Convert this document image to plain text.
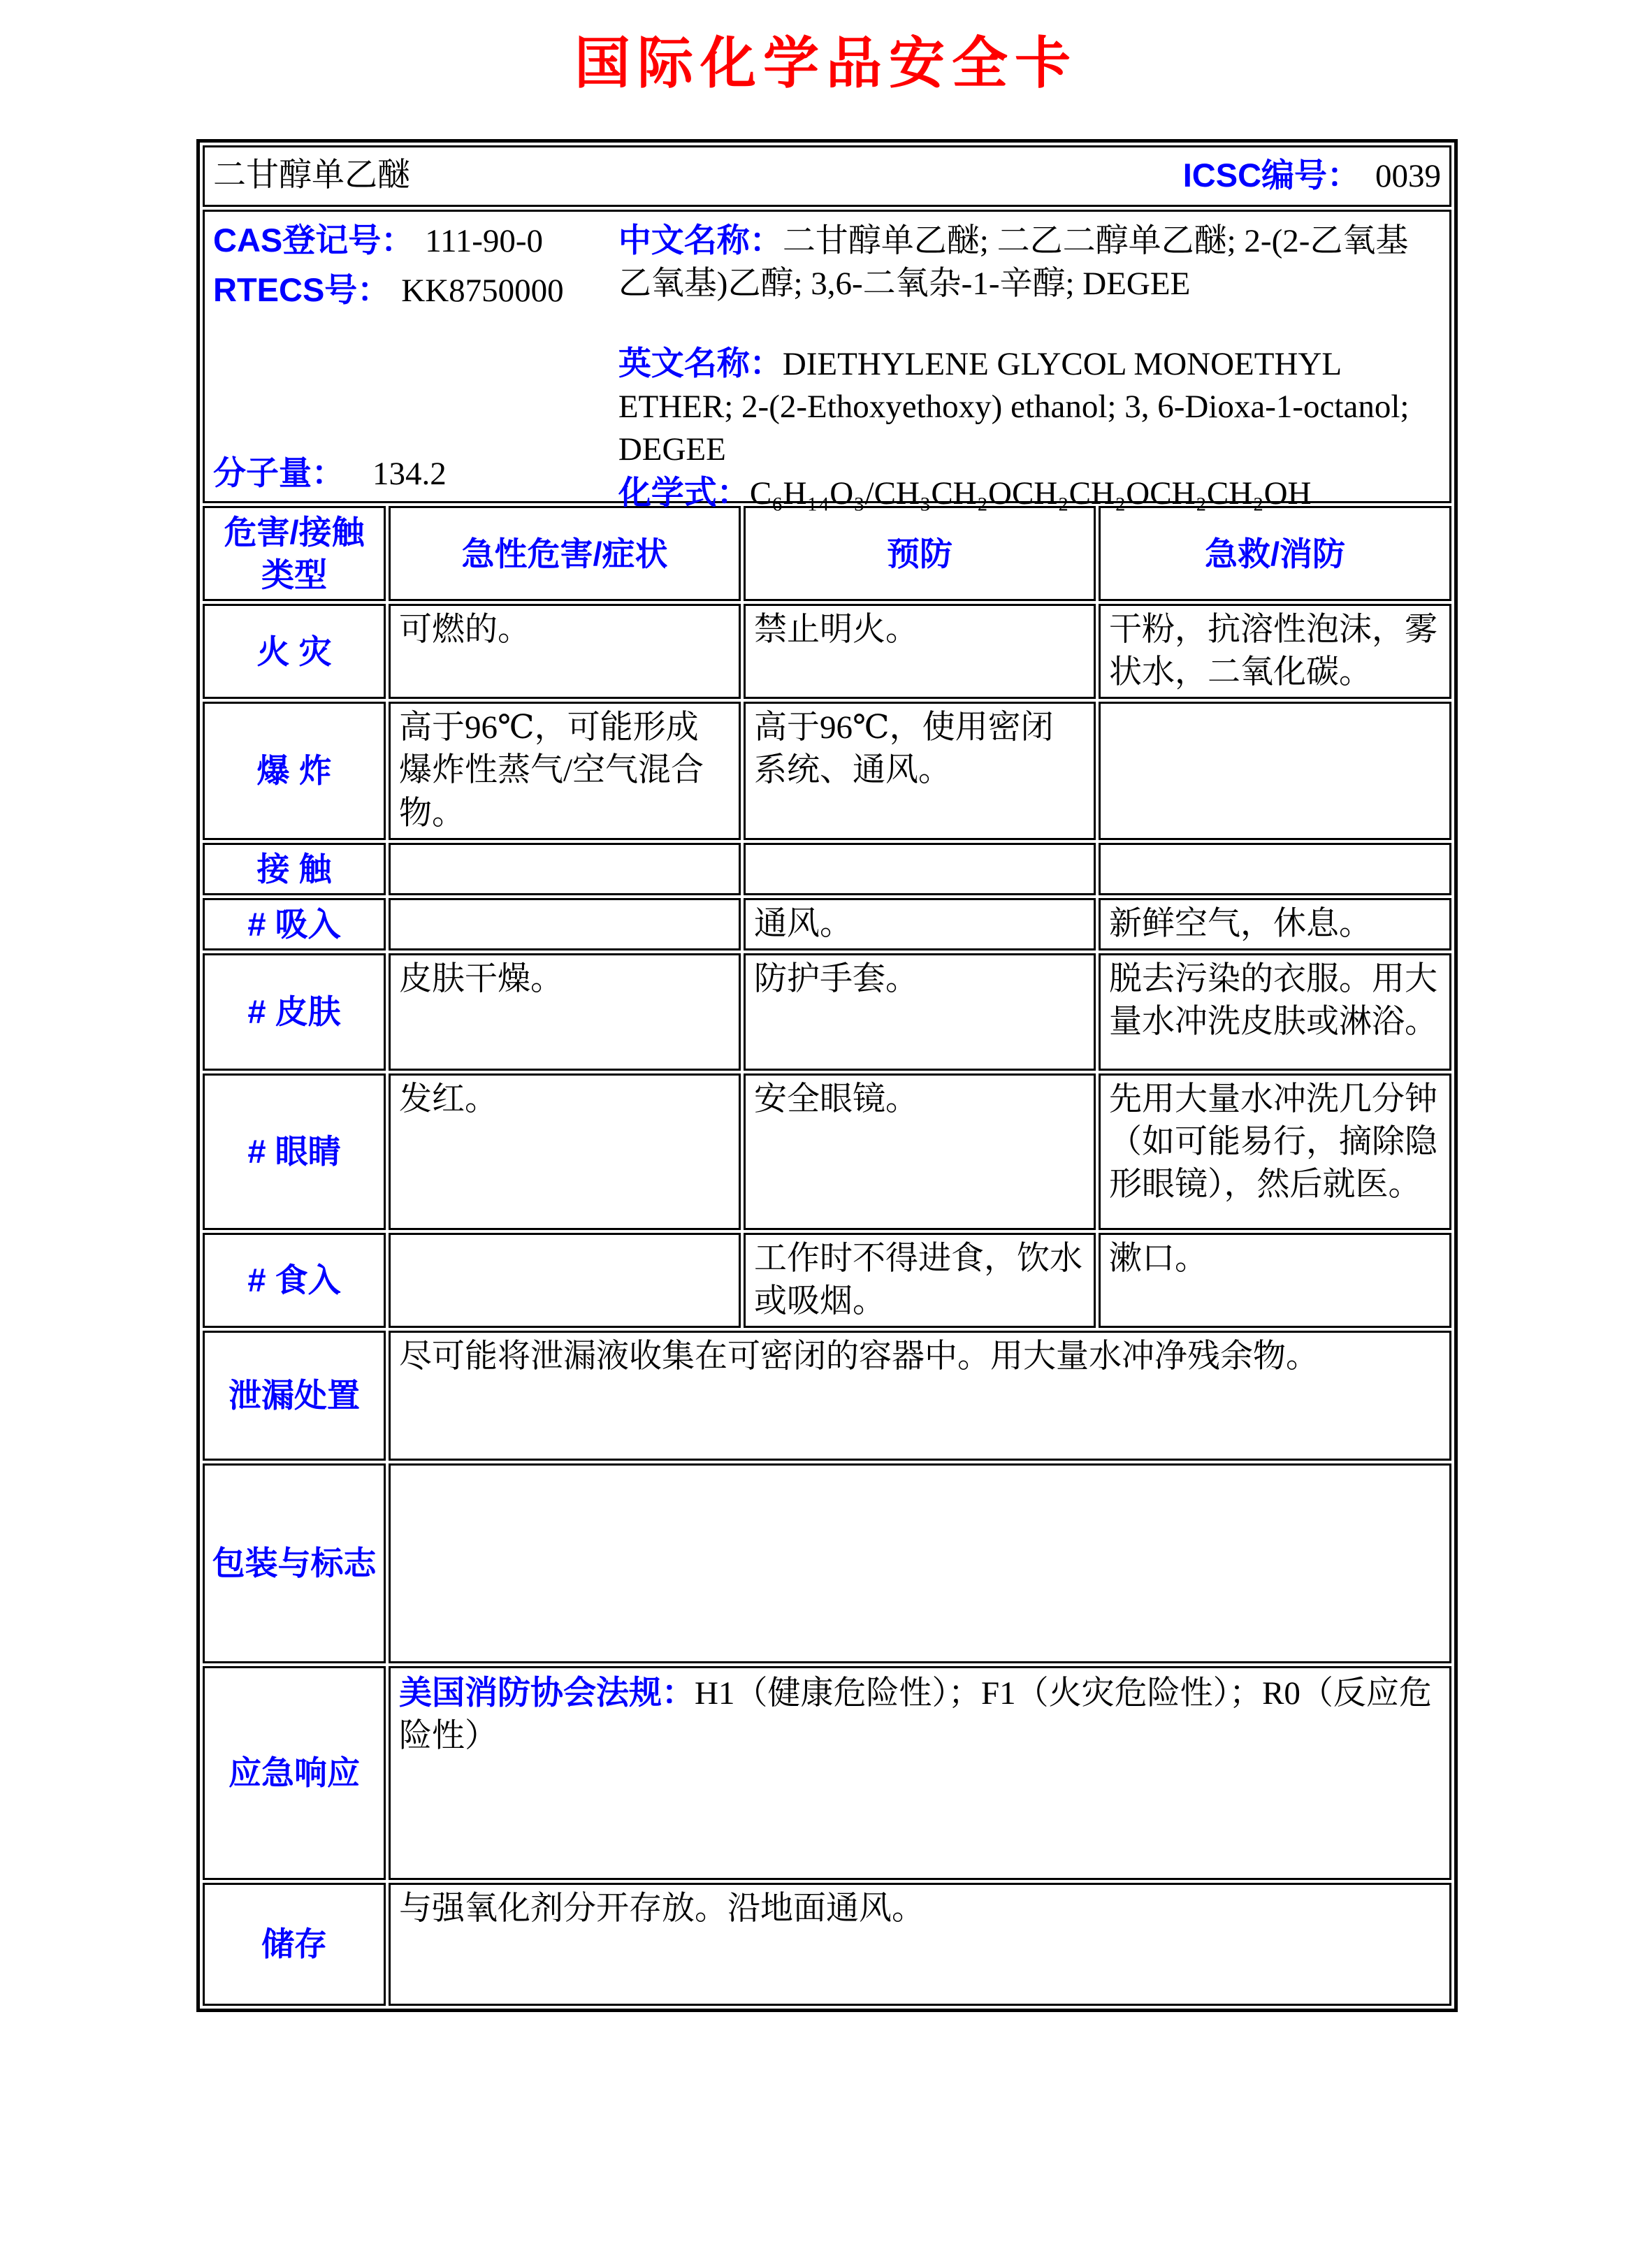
国际化学品安全卡
二甘醇单乙醚 ICSC编号： 0039			

CAS登记号： 111-90-0
RTECS号： KK8750000
分子量： 134.2

中文名称：二甘醇单乙醚; 二乙二醇单乙醚; 2-(2-乙氧基乙氧基)乙醇; 3,6-二氧杂-1-辛醇; DEGEE

英文名称：DIETHYLENE GLYCOL MONOETHYL ETHER; 2-(2-Ethoxyethoxy) ethanol; 3, 6-Dioxa-1-octanol; DEGEE

化学式：C₆H₁₄O₃/CH₃CH₂OCH₂CH₂OCH₂CH₂OH

危害/接触类型	急性危害/症状	预防	急救/消防
火 灾	可燃的。	禁止明火。	干粉，抗溶性泡沫，雾状水，二氧化碳。
爆 炸	高于96℃，可能形成爆炸性蒸气/空气混合物。	高于96℃，使用密闭系统、通风。	
接 触			
# 吸入		通风。	新鲜空气，休息。
# 皮肤	皮肤干燥。	防护手套。	脱去污染的衣服。用大量水冲洗皮肤或淋浴。
# 眼睛	发红。	安全眼镜。	先用大量水冲洗几分钟（如可能易行，摘除隐形眼镜），然后就医。
# 食入		工作时不得进食，饮水或吸烟。	漱口。
泄漏处置	尽可能将泄漏液收集在可密闭的容器中。用大量水冲净残余物。		

包装与标志			

应急响应	美国消防协会法规：H1（健康危险性）；F1（火灾危险性）；R0（反应危险性）		

储存	与强氧化剂分开存放。沿地面通风。		
